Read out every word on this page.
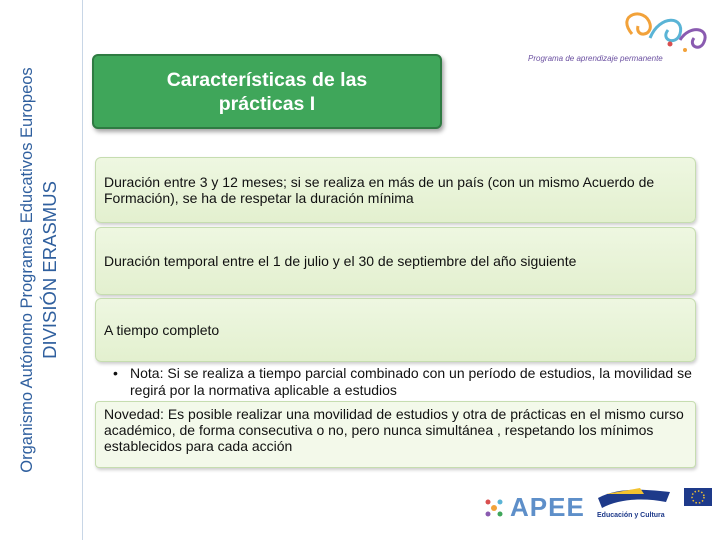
Organismo Autónomo Programas Educativos Europeos DIVISIÓN ERASMUS
Características de las
prácticas I
Programa de aprendizaje permanente
Duración entre 3 y 12 meses; si se realiza en más de un país (con un mismo Acuerdo de Formación), se ha de respetar la duración mínima
Duración temporal entre el 1 de julio y el 30 de septiembre del año siguiente
A tiempo completo
• Nota: Si se realiza a tiempo parcial combinado con un período de estudios, la movilidad se regirá por la normativa aplicable a estudios
Novedad: Es posible realizar una movilidad de estudios y otra de prácticas en el mismo curso académico, de forma consecutiva o no, pero nunca simultánea , respetando los mínimos establecidos para cada acción
APEE Educación y Cultura
